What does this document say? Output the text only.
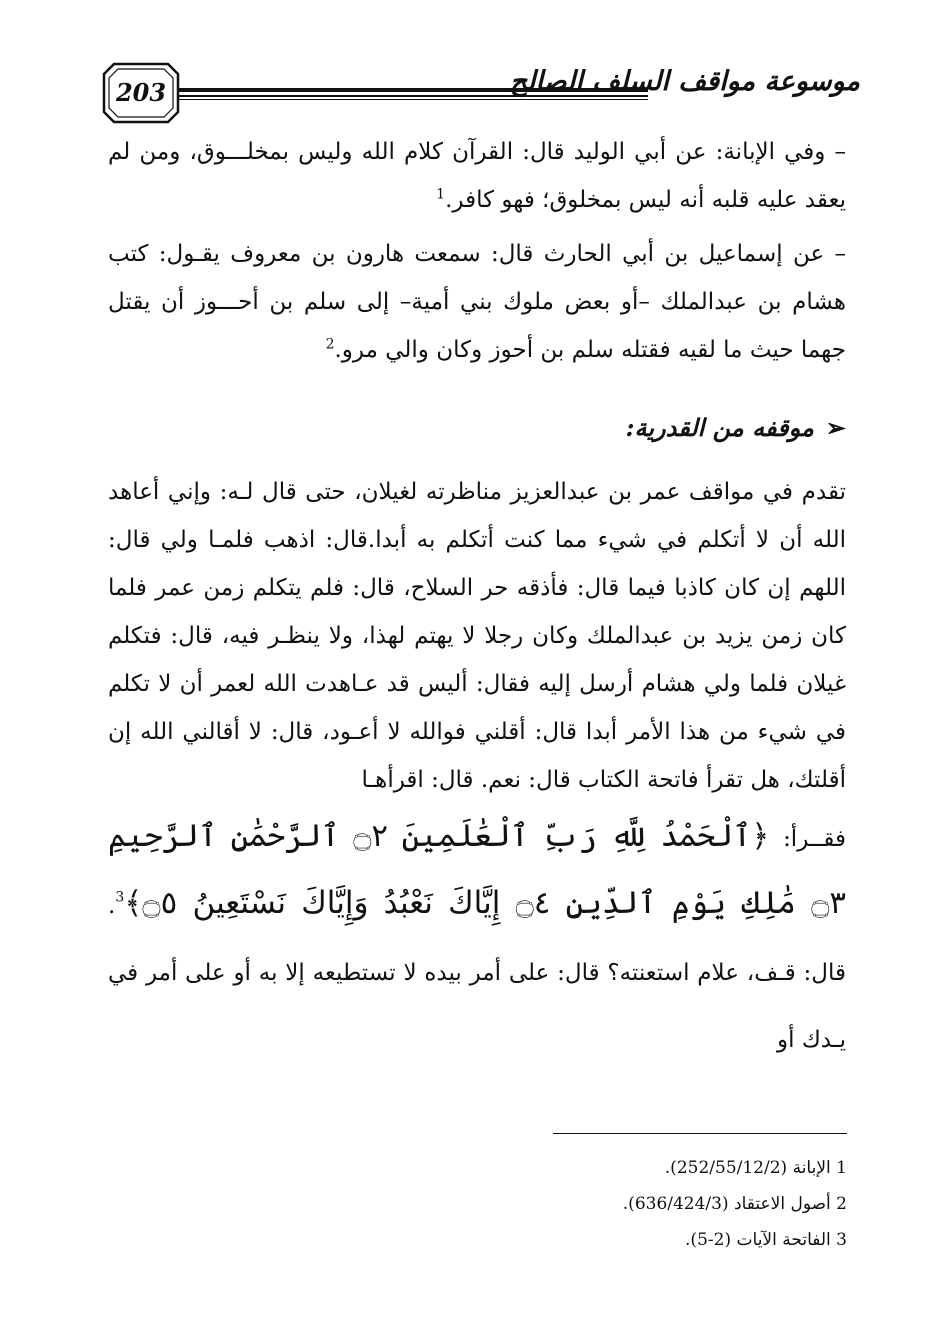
203	موسوعة مواقف السلف الصالح

– وفي الإبانة: عن أبي الوليد قال: القرآن كلام الله وليس بمخلـــوق، ومن لم يعقد عليه قلبه أنه ليس بمخلوق؛ فهو كافر.$^1$

– عن إسماعيل بن أبي الحارث قال: سمعت هارون بن معروف يقـول: كتب هشام بن عبدالملك –أو بعض ملوك بني أمية– إلى سلم بن أحـــوز أن يقتل جهما حيث ما لقيه فقتله سلم بن أحوز وكان والي مرو.$^2$

➢موقفه من القدرية:

تقدم في مواقف عمر بن عبدالعزيز مناظرته لغيلان، حتى قال لـه: وإني أعاهد الله أن لا أتكلم في شيء مما كنت أتكلم به أبدا.قال: اذهب فلمـا ولي قال: اللهم إن كان كاذبا فيما قال: فأذقه حر السلاح، قال: فلم يتكلم زمن عمر فلما كان زمن يزيد بن عبدالملك وكان رجلا لا يهتم لهذا، ولا ينظـر فيه، قال: فتكلم غيلان فلما ولي هشام أرسل إليه فقال: أليس قد عـاهدت الله لعمر أن لا تكلم في شيء من هذا الأمر أبدا قال: أقلني فوالله لا أعـود، قال: لا أقالني الله إن أقلتك، هل تقرأ فاتحة الكتاب قال: نعم. قال: اقرأهـا

فقــرأ: ﴿ٱلْحَمْدُ لِلَّهِ رَبِّ ٱلْعَٰلَمِينَ ۝٢ ٱلرَّحْمَٰنِ ٱلرَّحِيمِ ۝٣ مَٰلِكِ يَوْمِ ٱلدِّينِ ۝٤ إِيَّاكَ نَعْبُدُ وَإِيَّاكَ نَسْتَعِينُ ۝٥﴾$^3$. قال: قـف، علام استعنته؟ قال: على أمر بيده لا تستطيعه إلا به أو على أمر في يـدك أو

1 الإبانة (252/55/12/2).
2 أصول الاعتقاد (636/424/3).
3 الفاتحة الآيات (2-5).
